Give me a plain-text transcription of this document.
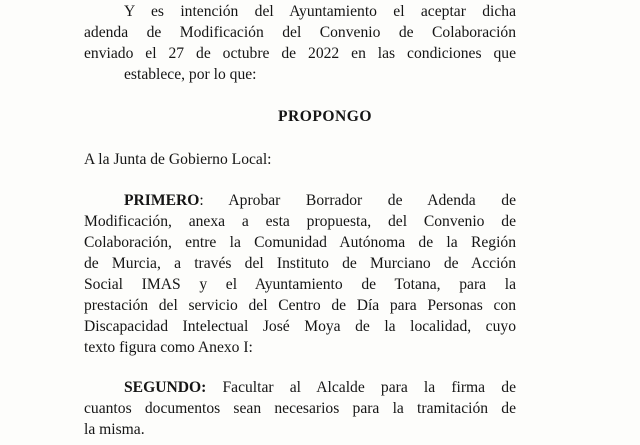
Y es intención del Ayuntamiento el aceptar dicha
adenda de Modificación del Convenio de Colaboración
enviado el 27 de octubre de 2022 en las condiciones que
establece, por lo que:
PROPONGO
A la Junta de Gobierno Local:
PRIMERO: Aprobar Borrador de Adenda de
Modificación, anexa a esta propuesta, del Convenio de
Colaboración, entre la Comunidad Autónoma de la Región
de Murcia, a través del Instituto de Murciano de Acción
Social IMAS y el Ayuntamiento de Totana, para la
prestación del servicio del Centro de Día para Personas con
Discapacidad Intelectual José Moya de la localidad, cuyo
texto figura como Anexo I:
SEGUNDO: Facultar al Alcalde para la firma de
cuantos documentos sean necesarios para la tramitación de
la misma.
